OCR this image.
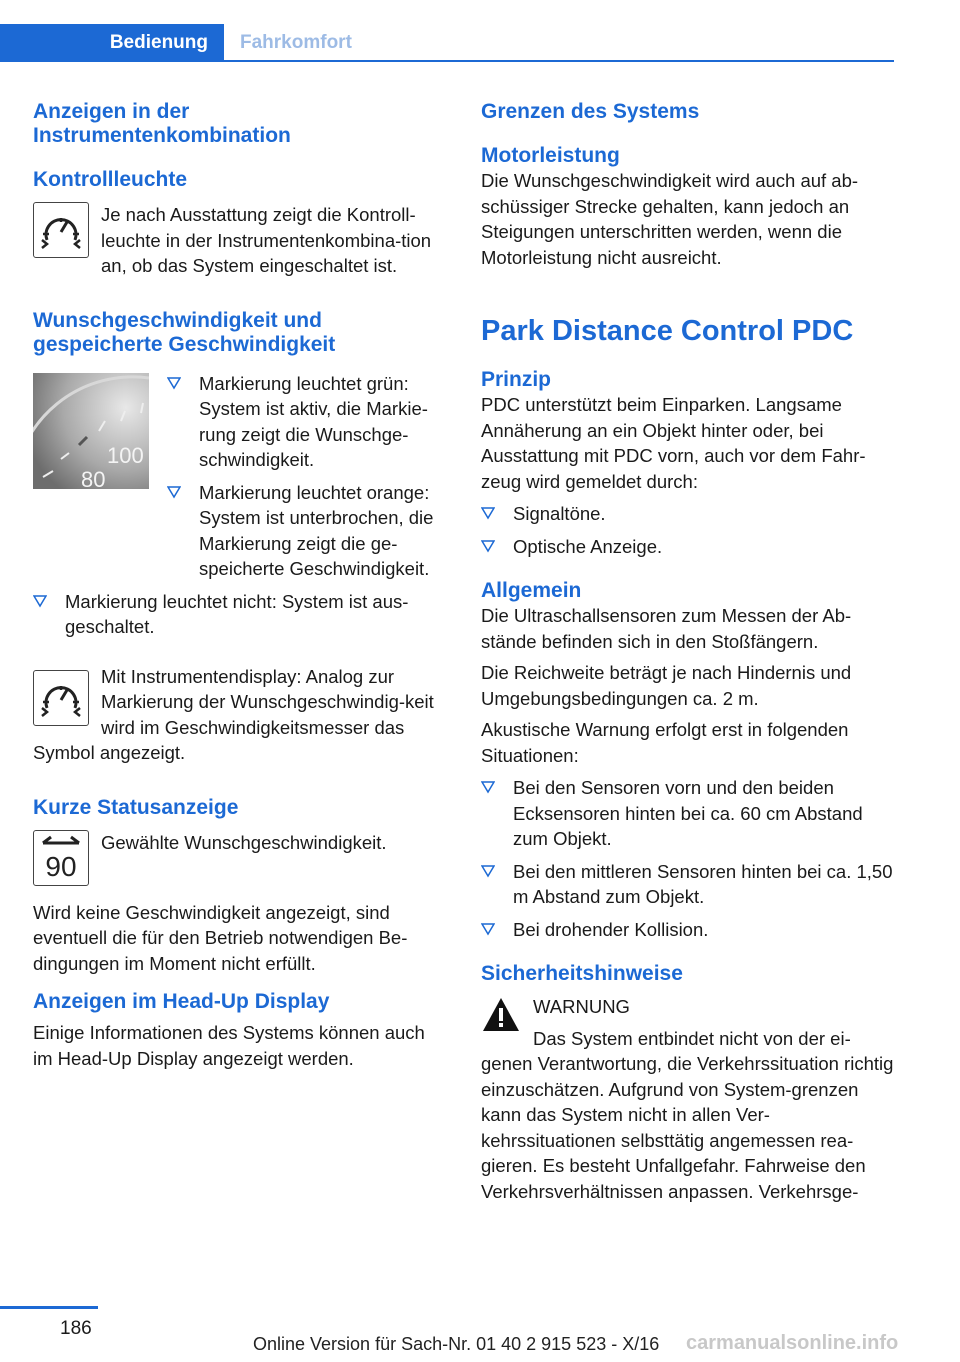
Bedienung	Fahrkomfort
Anzeigen in der Instrumentenkombination
Kontrollleuchte

Je nach Ausstattung zeigt die Kontroll-leuchte in der Instrumentenkombina-tion an, ob das System eingeschaltet ist.

Wunschgeschwindigkeit und gespeicherte Geschwindigkeit
100
80
Markierung leuchtet grün: System ist aktiv, die Markie-rung zeigt die Wunschge-schwindigkeit.
Markierung leuchtet orange: System ist unterbrochen, die Markierung zeigt die ge-speicherte Geschwindigkeit.
Markierung leuchtet nicht: System ist aus-geschaltet.

Mit Instrumentendisplay: Analog zur Markierung der Wunschgeschwindig-keit wird im Geschwindigkeitsmesser das Symbol angezeigt.

Kurze Statusanzeige
90

Gewählte Wunschgeschwindigkeit.

Wird keine Geschwindigkeit angezeigt, sind eventuell die für den Betrieb notwendigen Be-dingungen im Moment nicht erfüllt.

Anzeigen im Head-Up Display

Einige Informationen des Systems können auch im Head-Up Display angezeigt werden.

Grenzen des Systems
Motorleistung

Die Wunschgeschwindigkeit wird auch auf ab-schüssiger Strecke gehalten, kann jedoch an Steigungen unterschritten werden, wenn die Motorleistung nicht ausreicht.

Park Distance Control PDC
Prinzip

PDC unterstützt beim Einparken. Langsame Annäherung an ein Objekt hinter oder, bei Ausstattung mit PDC vorn, auch vor dem Fahr-zeug wird gemeldet durch:

Signaltöne.
Optische Anzeige.
Allgemein

Die Ultraschallsensoren zum Messen der Ab-stände befinden sich in den Stoßfängern.

Die Reichweite beträgt je nach Hindernis und Umgebungsbedingungen ca. 2 m.

Akustische Warnung erfolgt erst in folgenden Situationen:

Bei den Sensoren vorn und den beiden Ecksensoren hinten bei ca. 60 cm Abstand zum Objekt.
Bei den mittleren Sensoren hinten bei ca. 1,50 m Abstand zum Objekt.
Bei drohender Kollision.
Sicherheitshinweise

WARNUNG

Das System entbindet nicht von der ei-genen Verantwortung, die Verkehrssituation richtig einzuschätzen. Aufgrund von System-grenzen kann das System nicht in allen Ver-kehrssituationen selbsttätig angemessen rea-gieren. Es besteht Unfallgefahr. Fahrweise den Verkehrsverhältnissen anpassen. Verkehrsge-

186
Online Version für Sach-Nr. 01 40 2 915 523 - X/16 carmanualsonline.info
